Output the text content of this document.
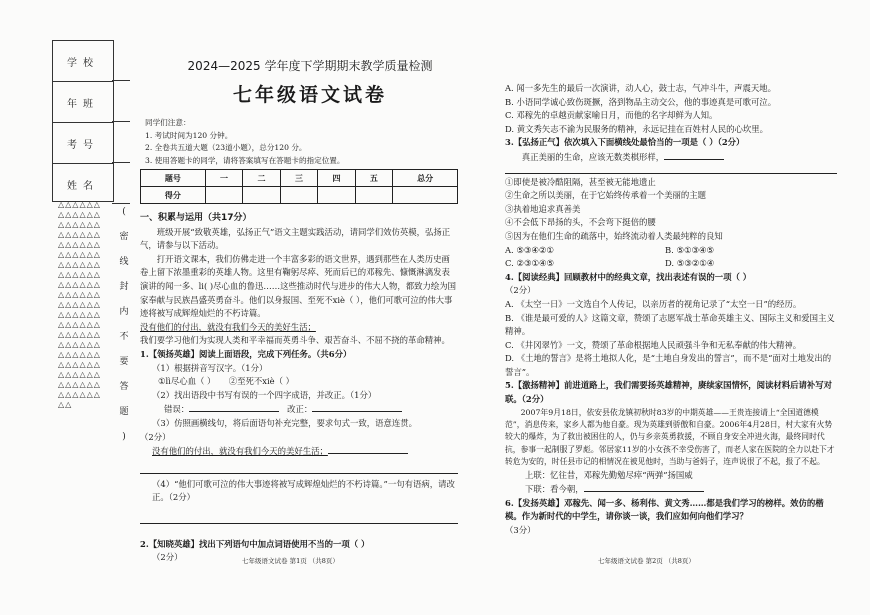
学校
年班
考号
姓名
△△△△△△△△△△△△△△△△△△△△△△△△△△△△△△△△△△△△△△△△△△△△△△△△△△△△△△△△△△△△△△△△△△△△△△△△△△△△△△△△△△△△△△△△△△△△△△△△△△△△△△△△△△△△△△△△△△△△△△△△△△
(
密
线
封
内
不
要
答
题
)
2024—2025 学年度下学期期末教学质量检测
七年级语文试卷

同学们注意：

1. 考试时间为120 分钟。

2. 全卷共五道大题（23道小题），总分120 分。

3. 使用答题卡的同学，请将答案填写在答题卡的指定位置。

题号	一	二	三	四	五	总分
得分						

一、积累与运用（共17分）

班级开展“致敬英雄，弘扬正气”语文主题实践活动，请同学们效仿英模，弘扬正气，请参与以下活动。

打开语文课本，我们仿佛走进一个丰富多彩的语文世界，遇到那些在人类历史画卷上留下浓墨重彩的英雄人物。这里有鞠躬尽瘁、死而后已的邓稼先、慷慨淋漓发表演讲的闻一多、li( )尽心血的鲁迅……这些推动时代与进步的伟大人物，都致力绘为国家奉献与民族昌盛英勇奋斗。他们以身报国、至死不xiè（ ），他们可歌可泣的伟大事迹将被写成辉煌灿烂的不朽诗篇。

没有他们的付出，就没有我们今天的美好生活；

我们要学习他们为实现人类和平幸福而英勇斗争、艰苦奋斗、不屈不挠的革命精神。

1.【领扬英雄】阅读上面语段，完成下列任务。（共6分）

（1）根据拼音写汉字。（1分）

①lì尽心血（ ） ②至死不xiè（ ）

（2）找出语段中书写有误的一个四字成语，并改正。（1分）

错误：	改正：

（3）仿照画横线句，将后面语句补充完整，要求句式一致，语意连贯。

（2分）

没有他们的付出，就没有我们今天的美好生活；

（4）“他们可歌可泣的伟大事迹将被写成辉煌灿烂的不朽诗篇。”一句有语病，请改正。（2分）

2.【知晓英雄】找出下列语句中加点词语使用不当的一项（ ）

（2分）

A. 闻一多先生的最后一次演讲，动人心，鼓士志，气冲斗牛，声震天地。

B. 小语同学诚心致伤斑撅，洛到物品主动交公，他的事迹真是可歌可泣。

C. 邓稼先的卓越贡献家喻日月，而他的名字却鲜为人知。

D. 黄文秀矢志不渝为民服务的精神，永远记挂在百姓村人民的心坎里。

3.【弘扬正气】依次填入下面横线处最恰当的一项是（ ）（2分）

真正美丽的生命，应该无数类棋形样，

①即使是被冷酷阻隔，甚至被无能地遗止

②生命之所以美丽，在于它始终传承着一个美丽的主题

③执着地追求真善美

④不会低下昂扬的头，不会弯下挺倍的腰

⑤因为在他们生命的疏落中，始终流动着人类最纯粹的良知

A. ⑤③④②①	B. ⑤①③④⑤

C. ②③①④⑤	D. ⑤③②①④

4.【阅读经典】回顾教材中的经典文章，找出表述有误的一项（ ）

（2分）

A. 《太空一日》一文选自个人传记，以亲历者的视角记录了“太空一日”的经历。

B. 《谁是最可爱的人》这篇文章，赞颂了志愿军战士革命英雄主义、国际主义和爱国主义精神。

C. 《井冈翠竹》一文，赞颂了革命根据地人民顽强斗争和无私奉献的伟大精神。

D. 《土地的誓言》是将土地拟人化，是“土地自身发出的誓言”，而不是“面对土地发出的誓言”。

5.【激扬精神】前进道路上，我们需要扬英雄精神，赓续家国情怀，阅读材料后请补写对联。（2分）

2007年9月18日，依安县依龙镇初秋时83岁的中期英雄——王贵连接请上“全国道德模范”，消息传来，家乡人都为他自豪。现为英雄到骄傲和自豪。2006年4月28日，村大家有火势较大的爆炸，为了救出被困住的人，仍与乡亲英勇救援，不顾自身安全冲进火海，最终同时代抗，参事一起制服了罗彪。邻居家11岁的小女孩不幸受伤害了，而老人家在医院的全力以赴下才转危为安的，时任县市记的相情况在被见他时，当助与爸妈子，连声说很了不起，报了不起。

上联：忆往昔，邓稼先勤勉尽瘁“两弹”扬国威

下联：看今朝，

6.【发扬英雄】邓稼先、闻一多、杨利伟、黄文秀……都是我们学习的榜样。效仿的楷模。作为新时代的中学生，请你谈一谈，我们应如何向他们学习？

（3分）

七年级语文试卷 第1页 （共8页）	七年级语文试卷 第2页 （共8页）
